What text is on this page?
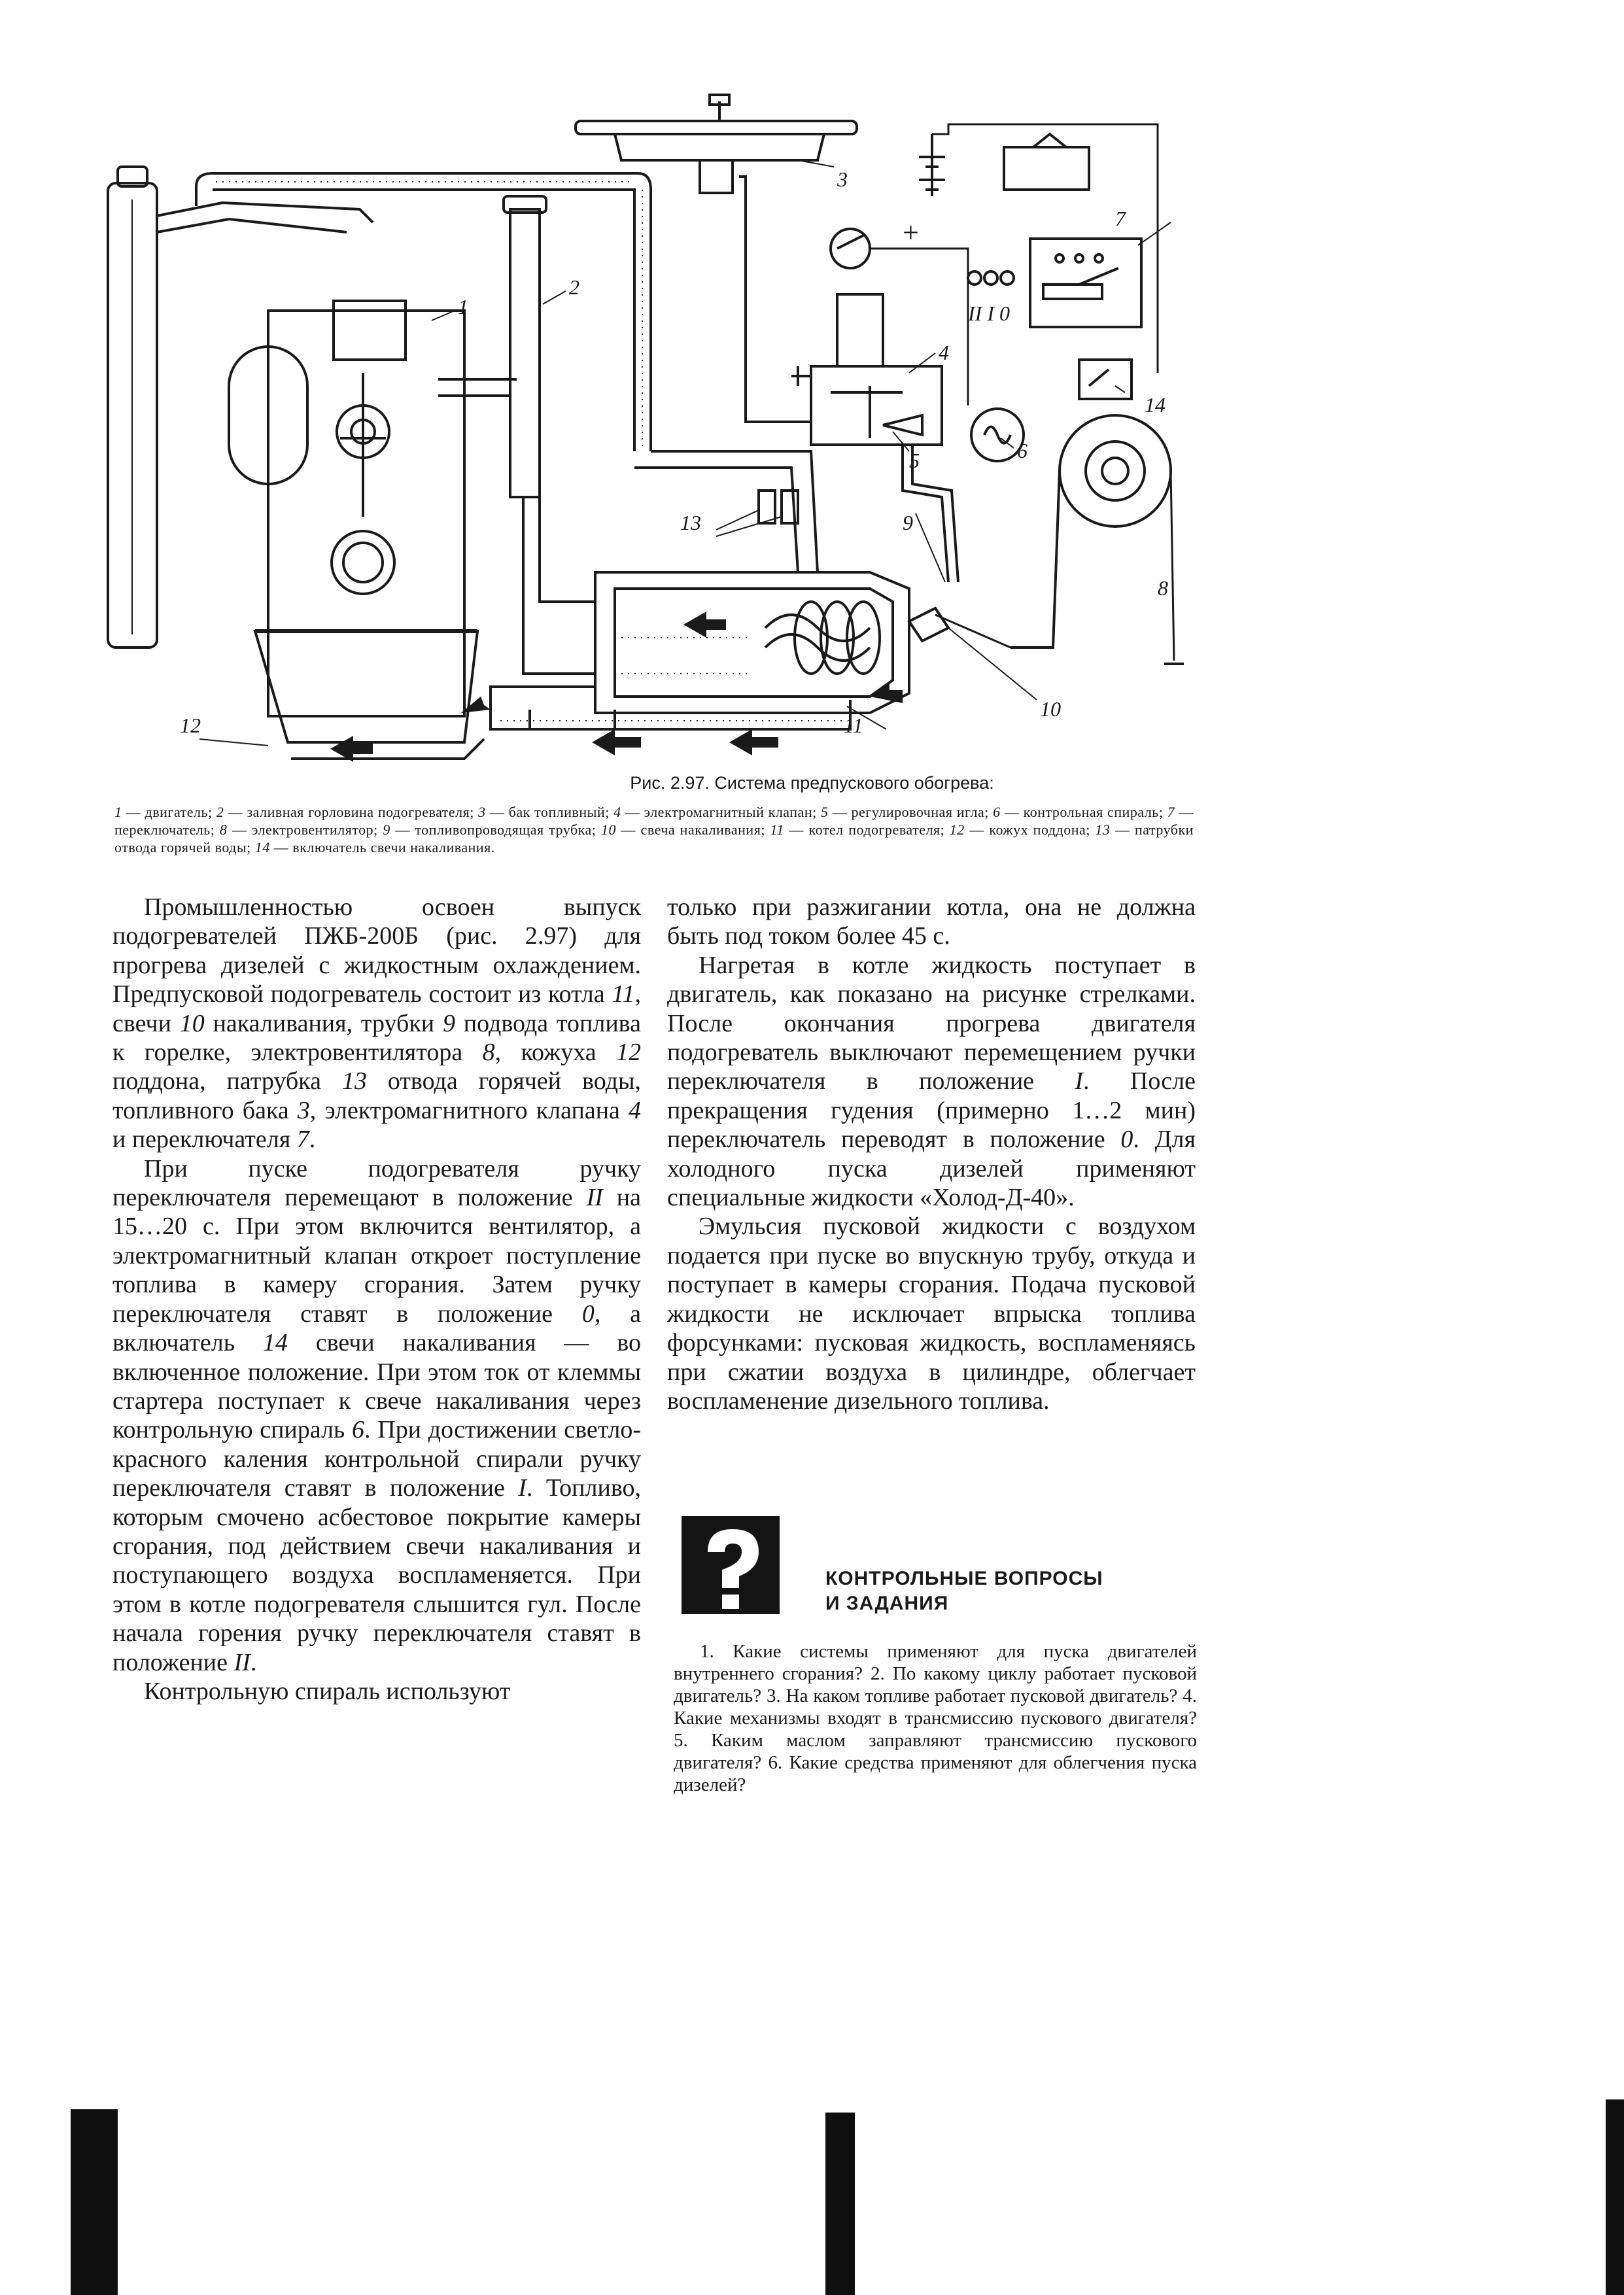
1
2
3
4
5	6
7
8
9
10
11
12
13
14
II I 0
+
Рис. 2.97. Система предпускового обогрева:
1 — двигатель; 2 — заливная горловина подогревателя; 3 — бак топливный; 4 — электромагнитный клапан; 5 — регулировочная игла; 6 — контрольная спираль; 7 — переключатель; 8 — электровентилятор; 9 — топливопроводящая трубка; 10 — свеча накаливания; 11 — котел подогревателя; 12 — кожух поддона; 13 — патрубки отвода горячей воды; 14 — включатель свечи накаливания.

Промышленностью освоен выпуск подогревателей ПЖБ-200Б (рис. 2.97) для прогрева дизелей с жидкостным охлаждением. Предпусковой подогреватель состоит из котла 11, свечи 10 накаливания, трубки 9 подвода топлива к горелке, электровентилятора 8, кожуха 12 поддона, патрубка 13 отвода горячей воды, топливного бака 3, электромагнитного клапана 4 и переключателя 7.

При пуске подогревателя ручку переключателя перемещают в положение II на 15…20 с. При этом включится вентилятор, а электромагнитный клапан откроет поступление топлива в камеру сгорания. Затем ручку переключателя ставят в положение 0, а включатель 14 свечи накаливания — во включенное положение. При этом ток от клеммы стартера поступает к свече накаливания через контрольную спираль 6. При достижении светло-красного каления контрольной спирали ручку переключателя ставят в положение I. Топливо, которым смочено асбестовое покрытие камеры сгорания, под действием свечи накаливания и поступающего воздуха воспламеняется. При этом в котле подогревателя слышится гул. После начала горения ручку переключателя ставят в положение II.

Контрольную спираль используют

только при разжигании котла, она не должна быть под током более 45 с.

Нагретая в котле жидкость поступает в двигатель, как показано на рисунке стрелками. После окончания прогрева двигателя подогреватель выключают перемещением ручки переключателя в положение I. После прекращения гудения (примерно 1…2 мин) переключатель переводят в положение 0. Для холодного пуска дизелей применяют специальные жидкости «Холод-Д-40».

Эмульсия пусковой жидкости с воздухом подается при пуске во впускную трубу, откуда и поступает в камеры сгорания. Подача пусковой жидкости не исключает впрыска топлива форсунками: пусковая жидкость, воспламеняясь при сжатии воздуха в цилиндре, облегчает воспламенение дизельного топлива.

КОНТРОЛЬНЫЕ ВОПРОСЫ
И ЗАДАНИЯ
1. Какие системы применяют для пуска двигателей внутреннего сгорания? 2. По какому циклу работает пусковой двигатель? 3. На каком топливе работает пусковой двигатель? 4. Какие механизмы входят в трансмиссию пускового двигателя? 5. Каким маслом заправляют трансмиссию пускового двигателя? 6. Какие средства применяют для облегчения пуска дизелей?
